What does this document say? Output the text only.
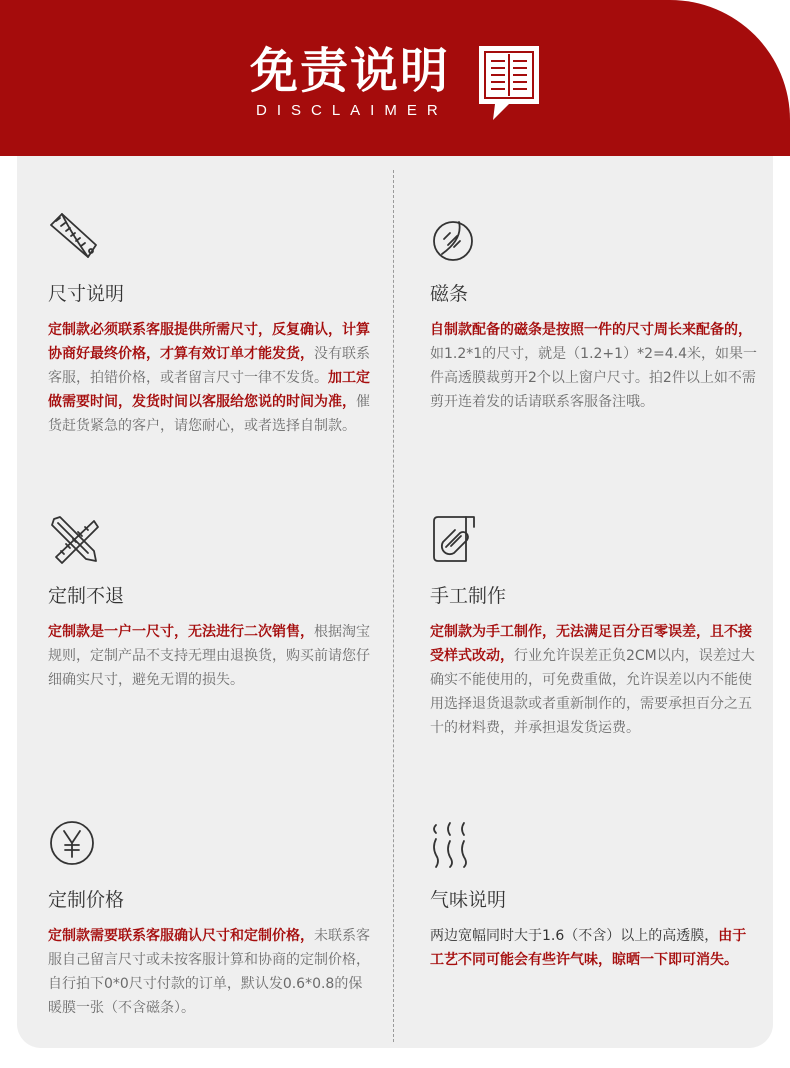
免责说明
DISCLAIMER
尺寸说明
定制款必须联系客服提供所需尺寸，反复确认，计算协商好最终价格，才算有效订单才能发货，没有联系客服，拍错价格，或者留言尺寸一律不发货。加工定做需要时间，发货时间以客服给您说的时间为准，催货赶货紧急的客户，请您耐心，或者选择自制款。
磁条
自制款配备的磁条是按照一件的尺寸周长来配备的，如1.2*1的尺寸，就是（1.2+1）*2=4.4米，如果一件高透膜裁剪开2个以上窗户尺寸。拍2件以上如不需剪开连着发的话请联系客服备注哦。
定制不退
定制款是一户一尺寸，无法进行二次销售，根据淘宝规则，定制产品不支持无理由退换货，购买前请您仔细确实尺寸，避免无谓的损失。
手工制作
定制款为手工制作，无法满足百分百零误差，且不接受样式改动，行业允许误差正负2CM以内，误差过大确实不能使用的，可免费重做，允许误差以内不能使用选择退货退款或者重新制作的，需要承担百分之五十的材料费，并承担退发货运费。
定制价格
定制款需要联系客服确认尺寸和定制价格，未联系客服自己留言尺寸或未按客服计算和协商的定制价格，自行拍下0*0尺寸付款的订单，默认发0.6*0.8的保暖膜一张（不含磁条）。
气味说明
两边宽幅同时大于1.6（不含）以上的高透膜，由于工艺不同可能会有些许气味，晾晒一下即可消失。
